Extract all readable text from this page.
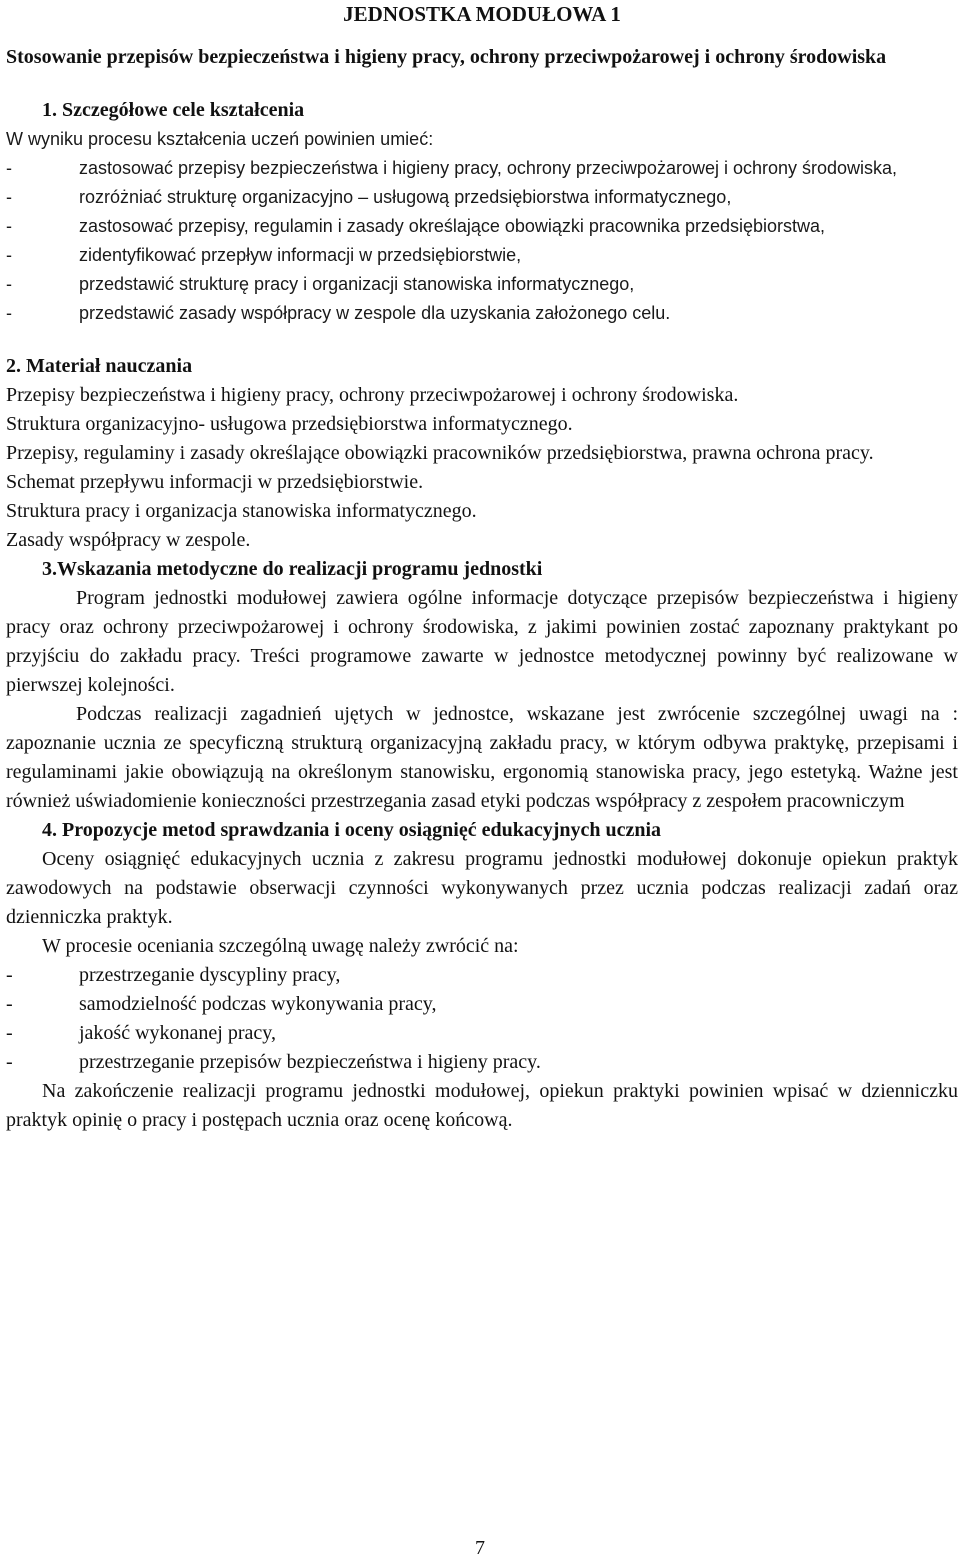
JEDNOSTKA MODUŁOWA 1

Stosowanie przepisów bezpieczeństwa i higieny pracy, ochrony przeciwpożarowej i ochrony środowiska

1. Szczegółowe cele kształcenia

W wyniku procesu kształcenia uczeń powinien umieć:

-	zastosować przepisy bezpieczeństwa i higieny pracy, ochrony przeciwpożarowej i ochrony środowiska,
-	rozróżniać strukturę organizacyjno – usługową przedsiębiorstwa informatycznego,
-	zastosować przepisy, regulamin i zasady określające obowiązki pracownika przedsiębiorstwa,
-	zidentyfikować przepływ informacji w przedsiębiorstwie,
-	przedstawić strukturę pracy i organizacji stanowiska informatycznego,
-	przedstawić zasady współpracy w zespole dla uzyskania założonego celu.

2. Materiał nauczania

Przepisy bezpieczeństwa i higieny pracy, ochrony przeciwpożarowej i ochrony środowiska.

Struktura organizacyjno- usługowa przedsiębiorstwa informatycznego.

Przepisy, regulaminy i zasady określające obowiązki pracowników przedsiębiorstwa, prawna ochrona pracy.

Schemat przepływu informacji w przedsiębiorstwie.

Struktura pracy i organizacja stanowiska informatycznego.

Zasady współpracy w zespole.

3.Wskazania metodyczne do realizacji programu jednostki

Program jednostki modułowej zawiera ogólne informacje dotyczące przepisów bezpieczeństwa i higieny pracy oraz ochrony przeciwpożarowej i ochrony środowiska, z jakimi powinien zostać zapoznany praktykant po przyjściu do zakładu pracy. Treści programowe zawarte w jednostce metodycznej powinny być realizowane w pierwszej kolejności.

Podczas realizacji zagadnień ujętych w jednostce, wskazane jest zwrócenie szczególnej uwagi na : zapoznanie ucznia ze specyficzną strukturą organizacyjną zakładu pracy, w którym odbywa praktykę, przepisami i regulaminami jakie obowiązują na określonym stanowisku, ergonomią stanowiska pracy, jego estetyką. Ważne jest również uświadomienie konieczności przestrzegania zasad etyki podczas współpracy z zespołem pracowniczym

4. Propozycje metod sprawdzania i oceny osiągnięć edukacyjnych ucznia

Oceny osiągnięć edukacyjnych ucznia z zakresu programu jednostki modułowej dokonuje opiekun praktyk zawodowych na podstawie obserwacji czynności wykonywanych przez ucznia podczas realizacji zadań oraz dzienniczka praktyk.

W procesie oceniania szczególną uwagę należy zwrócić na:

-	przestrzeganie dyscypliny pracy,
-	samodzielność podczas wykonywania pracy,
-	jakość wykonanej pracy,
-	przestrzeganie przepisów bezpieczeństwa i higieny pracy.

Na zakończenie realizacji programu jednostki modułowej, opiekun praktyki powinien wpisać w dzienniczku praktyk opinię o pracy i postępach ucznia oraz ocenę końcową.

7
